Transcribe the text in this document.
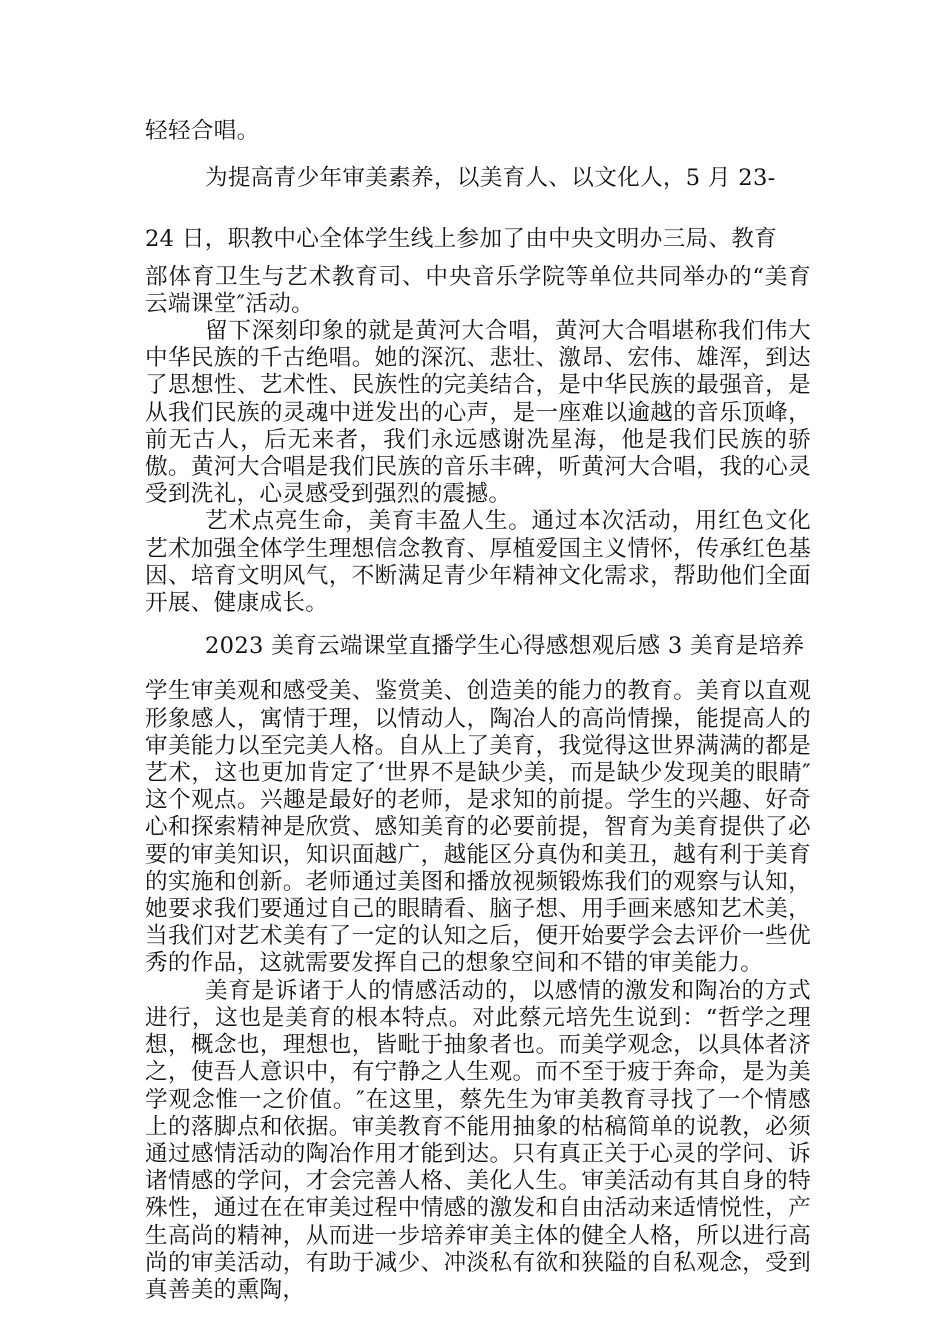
轻轻合唱。

为提高青少年审美素养，以美育人、以文化人，5 月 23-

24 日，职教中心全体学生线上参加了由中央文明办三局、教育

部体育卫生与艺术教育司、中央音乐学院等单位共同举办的“美育云端课堂″活动。

留下深刻印象的就是黄河大合唱，黄河大合唱堪称我们伟大中华民族的千古绝唱。她的深沉、悲壮、激昂、宏伟、雄浑，到达了思想性、艺术性、民族性的完美结合，是中华民族的最强音，是从我们民族的灵魂中迸发出的心声，是一座难以逾越的音乐顶峰，前无古人，后无来者，我们永远感谢冼星海，他是我们民族的骄傲。黄河大合唱是我们民族的音乐丰碑，听黄河大合唱，我的心灵受到洗礼，心灵感受到强烈的震撼。

艺术点亮生命，美育丰盈人生。通过本次活动，用红色文化艺术加强全体学生理想信念教育、厚植爱国主义情怀，传承红色基因、培育文明风气，不断满足青少年精神文化需求，帮助他们全面开展、健康成长。

2023 美育云端课堂直播学生心得感想观后感 3 美育是培养

学生审美观和感受美、鉴赏美、创造美的能力的教育。美育以直观形象感人，寓情于理，以情动人，陶冶人的高尚情操，能提高人的审美能力以至完美人格。自从上了美育，我觉得这世界满满的都是艺术，这也更加肯定了‘世界不是缺少美，而是缺少发现美的眼睛″这个观点。兴趣是最好的老师，是求知的前提。学生的兴趣、好奇心和探索精神是欣赏、感知美育的必要前提，智育为美育提供了必要的审美知识，知识面越广，越能区分真伪和美丑，越有利于美育的实施和创新。老师通过美图和播放视频锻炼我们的观察与认知，她要求我们要通过自己的眼睛看、脑子想、用手画来感知艺术美，当我们对艺术美有了一定的认知之后，便开始要学会去评价一些优秀的作品，这就需要发挥自己的想象空间和不错的审美能力。

美育是诉诸于人的情感活动的，以感情的激发和陶冶的方式进行，这也是美育的根本特点。对此蔡元培先生说到：“哲学之理想，概念也，理想也，皆毗于抽象者也。而美学观念，以具体者济之，使吾人意识中，有宁静之人生观。而不至于疲于奔命，是为美学观念惟一之价值。″在这里，蔡先生为审美教育寻找了一个情感上的落脚点和依据。审美教育不能用抽象的枯稿简单的说教，必须通过感情活动的陶冶作用才能到达。只有真正关于心灵的学问、诉诸情感的学问，才会完善人格、美化人生。审美活动有其自身的特殊性，通过在在审美过程中情感的激发和自由活动来适情悦性，产生高尚的精神，从而进一步培养审美主体的健全人格，所以进行高尚的审美活动，有助于减少、冲淡私有欲和狭隘的自私观念，受到真善美的熏陶，
